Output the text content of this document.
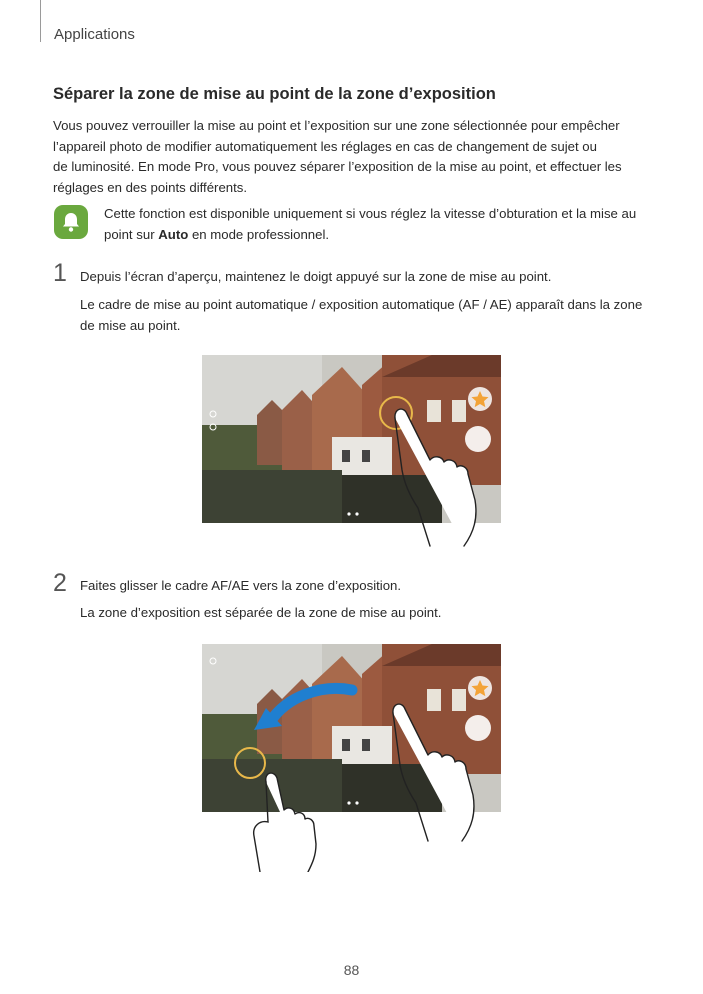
Applications
Séparer la zone de mise au point de la zone d’exposition
Vous pouvez verrouiller la mise au point et l’exposition sur une zone sélectionnée pour empêcher
l’appareil photo de modifier automatiquement les réglages en cas de changement de sujet ou
de luminosité. En mode Pro, vous pouvez séparer l’exposition de la mise au point, et effectuer les
réglages en des points différents.
Cette fonction est disponible uniquement si vous réglez la vitesse d’obturation et la mise au point sur Auto en mode professionnel.
1 Depuis l’écran d’aperçu, maintenez le doigt appuyé sur la zone de mise au point.
Le cadre de mise au point automatique / exposition automatique (AF / AE) apparaît dans la zone
de mise au point.
2 Faites glisser le cadre AF/AE vers la zone d’exposition.
La zone d’exposition est séparée de la zone de mise au point.
88
